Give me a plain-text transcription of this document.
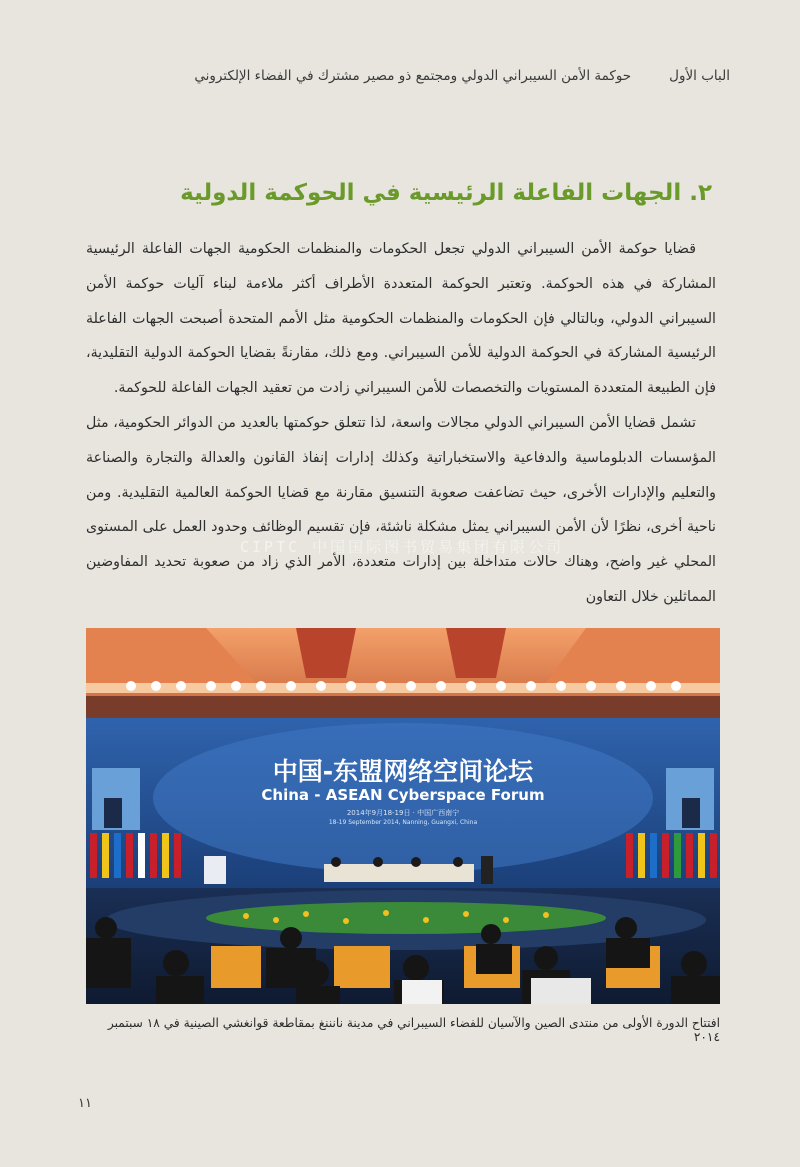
الباب الأول
حوكمة الأمن السيبراني الدولي ومجتمع ذو مصير مشترك في الفضاء الإلكتروني
٢. الجهات الفاعلة الرئيسية في الحوكمة الدولية

قضايا حوكمة الأمن السيبراني الدولي تجعل الحكومات والمنظمات الحكومية الجهات الفاعلة الرئيسية المشاركة في هذه الحوكمة. وتعتبر الحوكمة المتعددة الأطراف أكثر ملاءمة لبناء آليات حوكمة الأمن السيبراني الدولي، وبالتالي فإن الحكومات والمنظمات الحكومية مثل الأمم المتحدة أصبحت الجهات الفاعلة الرئيسية المشاركة في الحوكمة الدولية للأمن السيبراني. ومع ذلك، مقارنةً بقضايا الحوكمة الدولية التقليدية، فإن الطبيعة المتعددة المستويات والتخصصات للأمن السيبراني زادت من تعقيد الجهات الفاعلة للحوكمة.

تشمل قضايا الأمن السيبراني الدولي مجالات واسعة، لذا تتعلق حوكمتها بالعديد من الدوائر الحكومية، مثل المؤسسات الدبلوماسية والدفاعية والاستخباراتية وكذلك إدارات إنفاذ القانون والعدالة والتجارة والصناعة والتعليم والإدارات الأخرى، حيث تضاعفت صعوبة التنسيق مقارنة مع قضايا الحوكمة العالمية التقليدية. ومن ناحية أخرى، نظرًا لأن الأمن السيبراني يمثل مشكلة ناشئة، فإن تقسيم الوظائف وحدود العمل على المستوى المحلي غير واضح، وهناك حالات متداخلة بين إدارات متعددة، الأمر الذي زاد من صعوبة تحديد المفاوضين المماثلين خلال التعاون

CIPTC 中国国际图书贸易集团有限公司
中国-东盟网络空间论坛
China - ASEAN Cyberspace Forum
2014年9月18-19日 · 中国广西南宁
18-19 September 2014, Nanning, Guangxi, China
افتتاح الدورة الأولى من منتدى الصين والآسيان للفضاء السيبراني في مدينة نانننغ بمقاطعة قوانغشي الصينية في ١٨ سبتمبر ٢٠١٤
١١
